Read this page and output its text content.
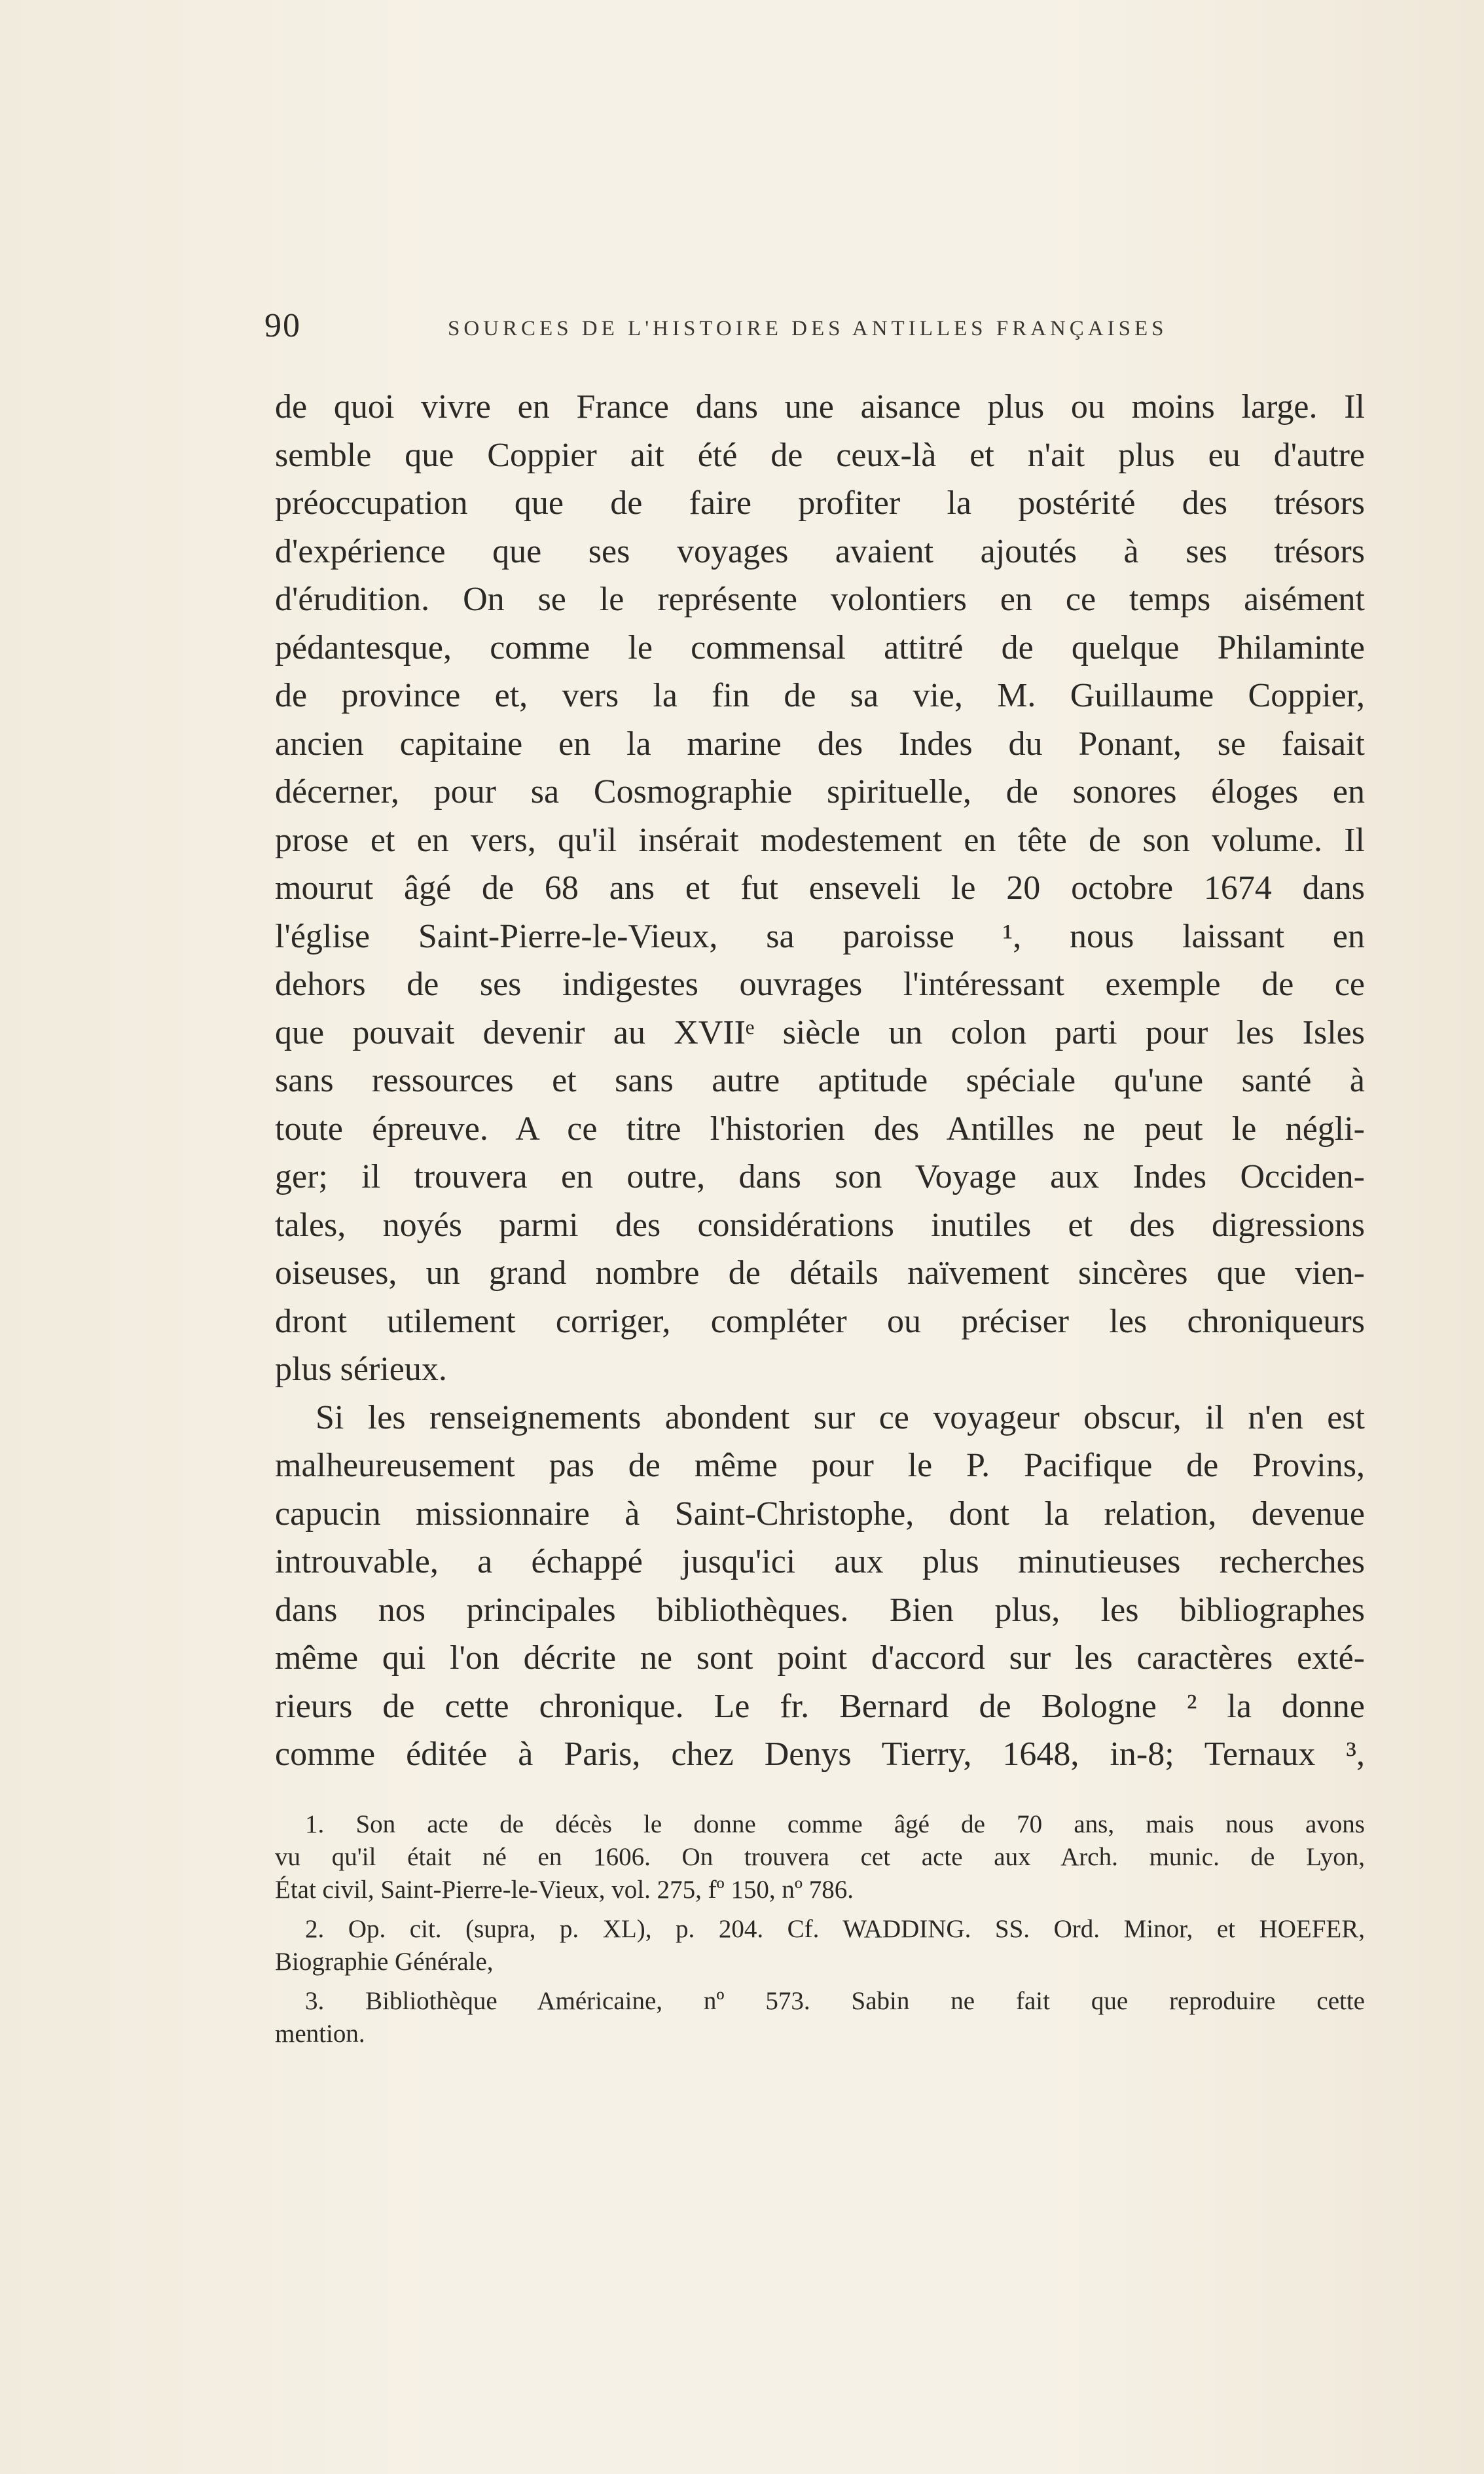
90	SOURCES DE L'HISTOIRE DES ANTILLES FRANÇAISES
de quoi vivre en France dans une aisance plus ou moins large. Il
semble que Coppier ait été de ceux-là et n'ait plus eu d'autre
préoccupation que de faire profiter la postérité des trésors
d'expérience que ses voyages avaient ajoutés à ses trésors
d'érudition. On se le représente volontiers en ce temps aisément
pédantesque, comme le commensal attitré de quelque Philaminte
de province et, vers la fin de sa vie, M. Guillaume Coppier,
ancien capitaine en la marine des Indes du Ponant, se faisait
décerner, pour sa Cosmographie spirituelle, de sonores éloges en
prose et en vers, qu'il insérait modestement en tête de son volume. Il
mourut âgé de 68 ans et fut enseveli le 20 octobre 1674 dans
l'église Saint-Pierre-le-Vieux, sa paroisse ¹, nous laissant en
dehors de ses indigestes ouvrages l'intéressant exemple de ce
que pouvait devenir au XVIIᵉ siècle un colon parti pour les Isles
sans ressources et sans autre aptitude spéciale qu'une santé à
toute épreuve. A ce titre l'historien des Antilles ne peut le négli-
ger; il trouvera en outre, dans son Voyage aux Indes Occiden-
tales, noyés parmi des considérations inutiles et des digressions
oiseuses, un grand nombre de détails naïvement sincères que vien-
dront utilement corriger, compléter ou préciser les chroniqueurs
plus sérieux.
Si les renseignements abondent sur ce voyageur obscur, il n'en est
malheureusement pas de même pour le P. Pacifique de Provins,
capucin missionnaire à Saint-Christophe, dont la relation, devenue
introuvable, a échappé jusqu'ici aux plus minutieuses recherches
dans nos principales bibliothèques. Bien plus, les bibliographes
même qui l'on décrite ne sont point d'accord sur les caractères exté-
rieurs de cette chronique. Le fr. Bernard de Bologne ² la donne
comme éditée à Paris, chez Denys Tierry, 1648, in-8; Ternaux ³,
1. Son acte de décès le donne comme âgé de 70 ans, mais nous avons
vu qu'il était né en 1606. On trouvera cet acte aux Arch. munic. de Lyon,
État civil, Saint-Pierre-le-Vieux, vol. 275, fº 150, nº 786.
2. Op. cit. (supra, p. XL), p. 204. Cf. WADDING. SS. Ord. Minor, et HOEFER,
Biographie Générale,
3. Bibliothèque Américaine, nº 573. Sabin ne fait que reproduire cette
mention.
